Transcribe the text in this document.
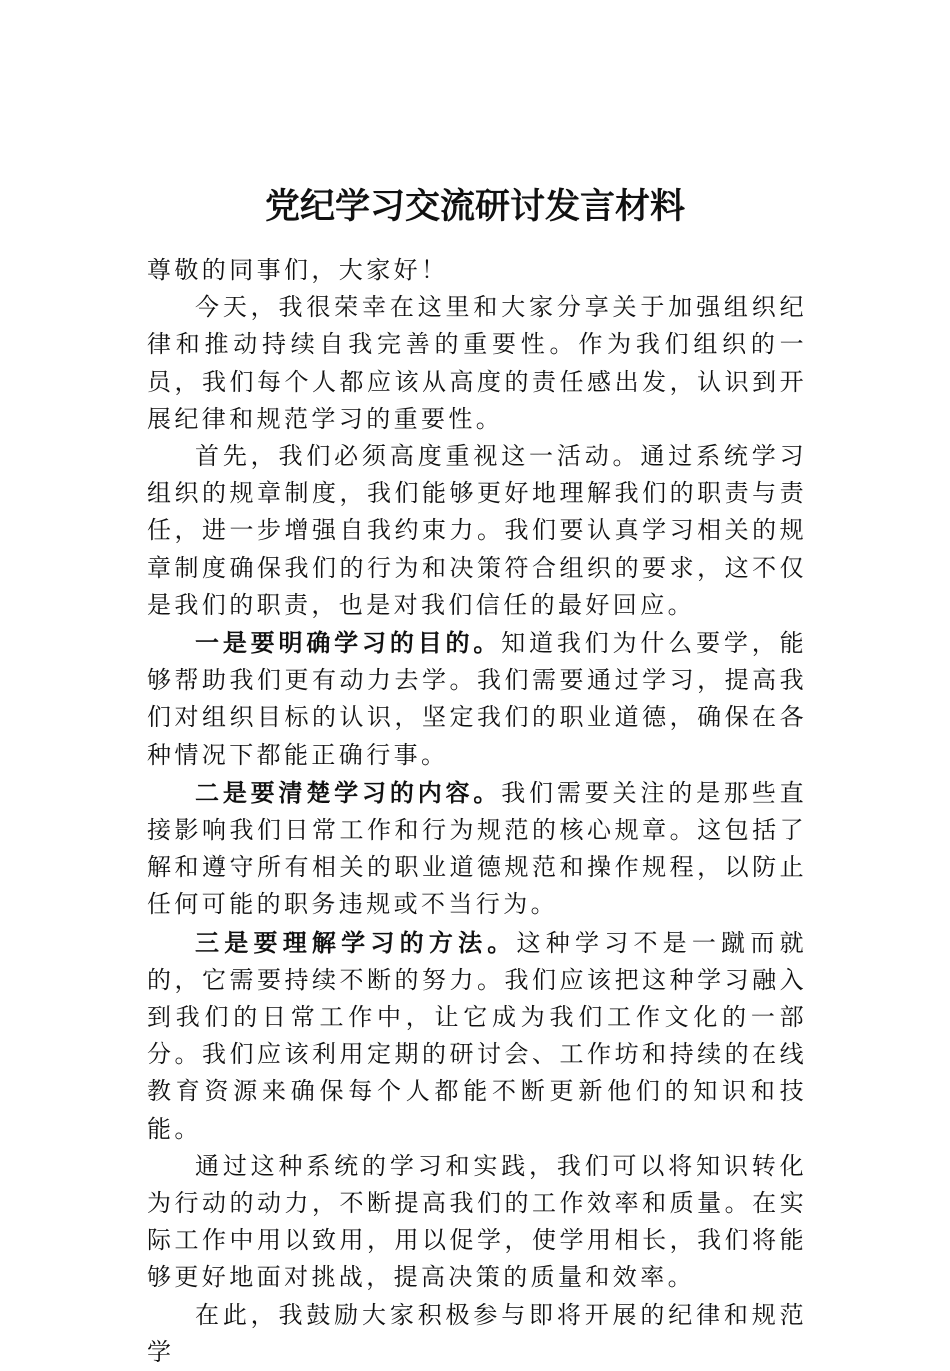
党纪学习交流研讨发言材料

尊敬的同事们，大家好！

今天，我很荣幸在这里和大家分享关于加强组织纪律和推动持续自我完善的重要性。作为我们组织的一员，我们每个人都应该从高度的责任感出发，认识到开展纪律和规范学习的重要性。

首先，我们必须高度重视这一活动。通过系统学习组织的规章制度，我们能够更好地理解我们的职责与责任，进一步增强自我约束力。我们要认真学习相关的规章制度确保我们的行为和决策符合组织的要求，这不仅是我们的职责，也是对我们信任的最好回应。

一是要明确学习的目的。知道我们为什么要学，能够帮助我们更有动力去学。我们需要通过学习，提高我们对组织目标的认识，坚定我们的职业道德，确保在各种情况下都能正确行事。

二是要清楚学习的内容。我们需要关注的是那些直接影响我们日常工作和行为规范的核心规章。这包括了解和遵守所有相关的职业道德规范和操作规程，以防止任何可能的职务违规或不当行为。

三是要理解学习的方法。这种学习不是一蹴而就的，它需要持续不断的努力。我们应该把这种学习融入到我们的日常工作中，让它成为我们工作文化的一部分。我们应该利用定期的研讨会、工作坊和持续的在线教育资源来确保每个人都能不断更新他们的知识和技能。

通过这种系统的学习和实践，我们可以将知识转化为行动的动力，不断提高我们的工作效率和质量。在实际工作中用以致用，用以促学，使学用相长，我们将能够更好地面对挑战，提高决策的质量和效率。

在此，我鼓励大家积极参与即将开展的纪律和规范学
